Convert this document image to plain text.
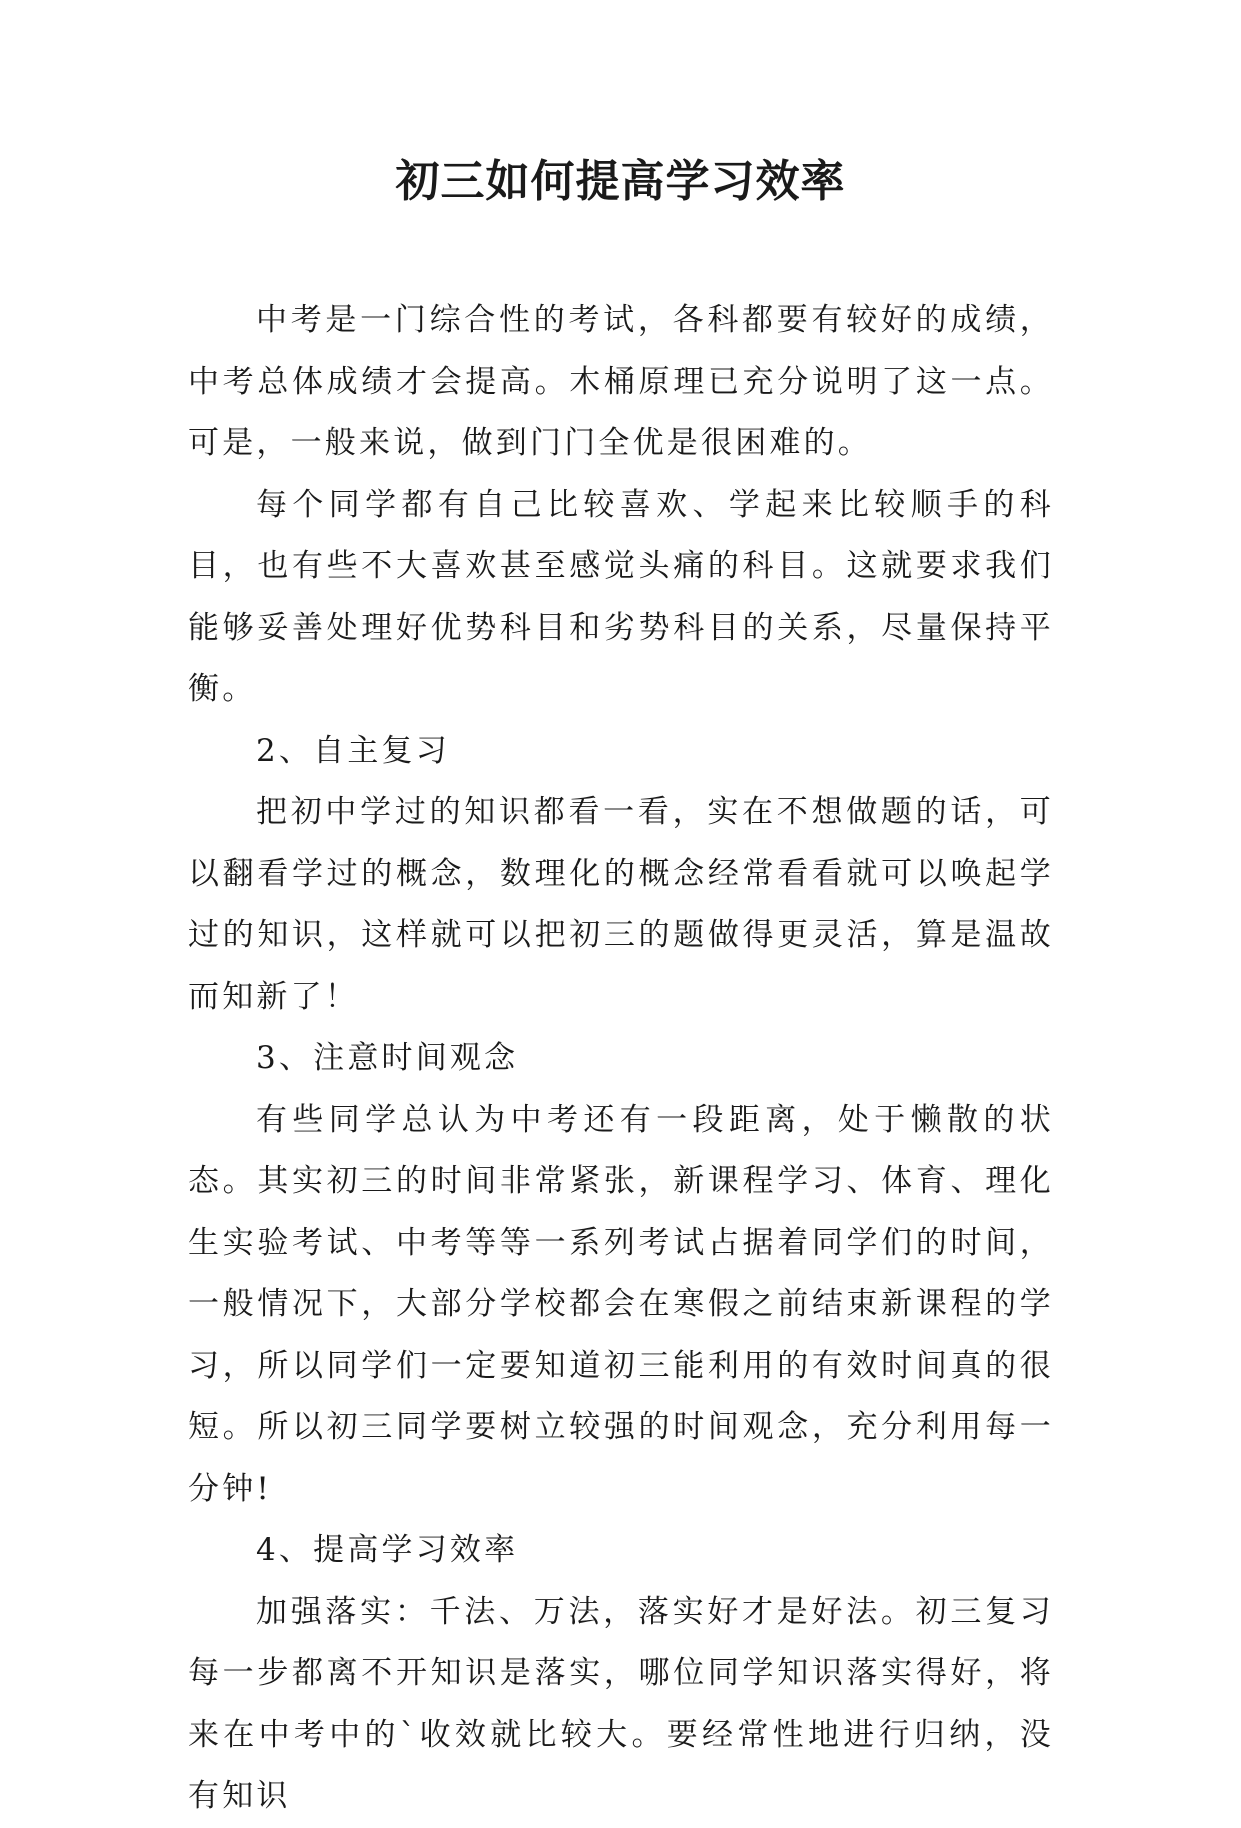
初三如何提高学习效率

中考是一门综合性的考试，各科都要有较好的成绩，中考总体成绩才会提高。木桶原理已充分说明了这一点。可是，一般来说，做到门门全优是很困难的。

每个同学都有自己比较喜欢、学起来比较顺手的科目，也有些不大喜欢甚至感觉头痛的科目。这就要求我们能够妥善处理好优势科目和劣势科目的关系，尽量保持平衡。

2、自主复习

把初中学过的知识都看一看，实在不想做题的话，可以翻看学过的概念，数理化的概念经常看看就可以唤起学过的知识，这样就可以把初三的题做得更灵活，算是温故而知新了！

3、注意时间观念

有些同学总认为中考还有一段距离，处于懒散的状态。其实初三的时间非常紧张，新课程学习、体育、理化生实验考试、中考等等一系列考试占据着同学们的时间，一般情况下，大部分学校都会在寒假之前结束新课程的学习，所以同学们一定要知道初三能利用的有效时间真的很短。所以初三同学要树立较强的时间观念，充分利用每一分钟!

4、提高学习效率

加强落实：千法、万法，落实好才是好法。初三复习每一步都离不开知识是落实，哪位同学知识落实得好，将来在中考中的`收效就比较大。要经常性地进行归纳，没有知识
